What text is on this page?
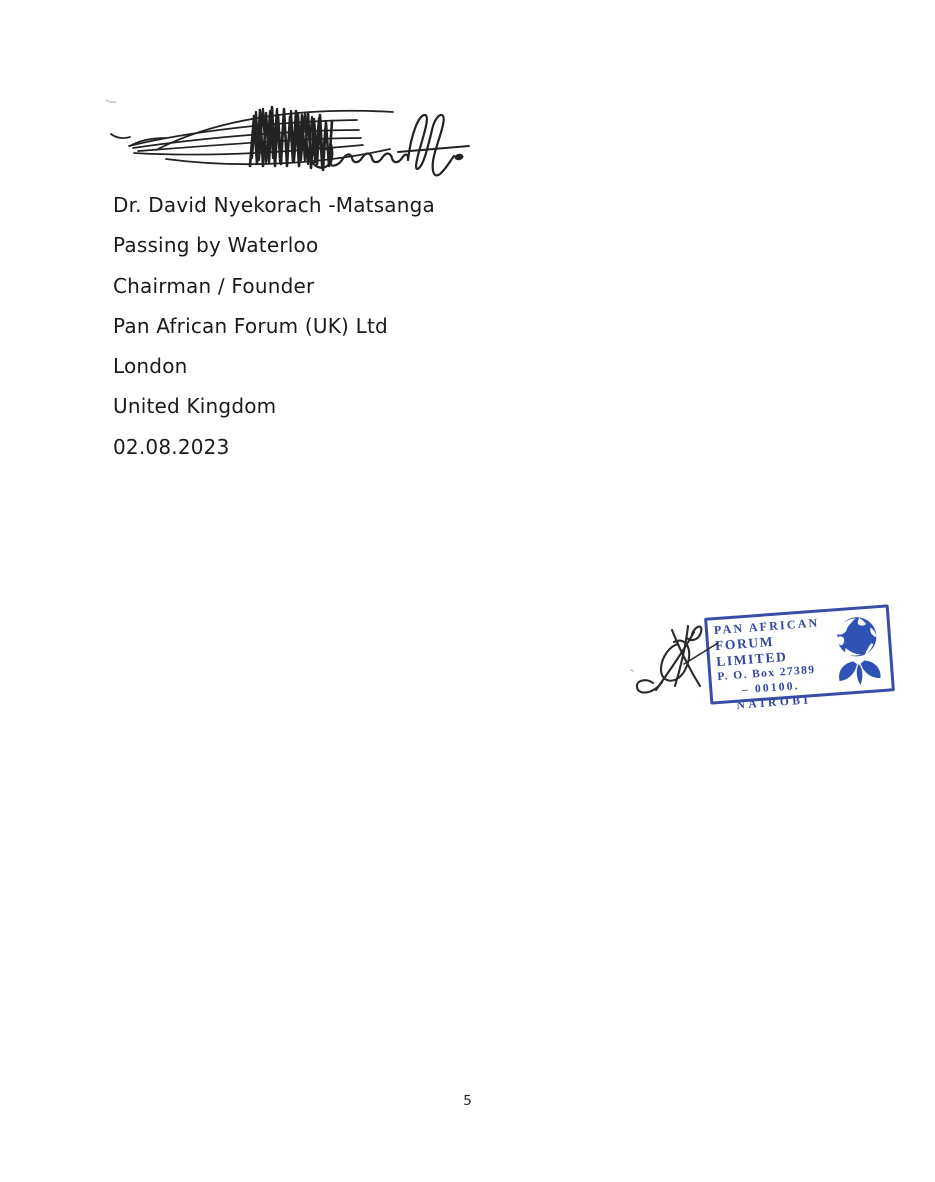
Dr. David Nyekorach -Matsanga
Passing by Waterloo
Chairman / Founder
Pan African Forum (UK) Ltd
London
United Kingdom
02.08.2023
PAN AFRICAN
FORUM LIMITED
P. O. Box 27389
– 00100.
NAIROBI
5
